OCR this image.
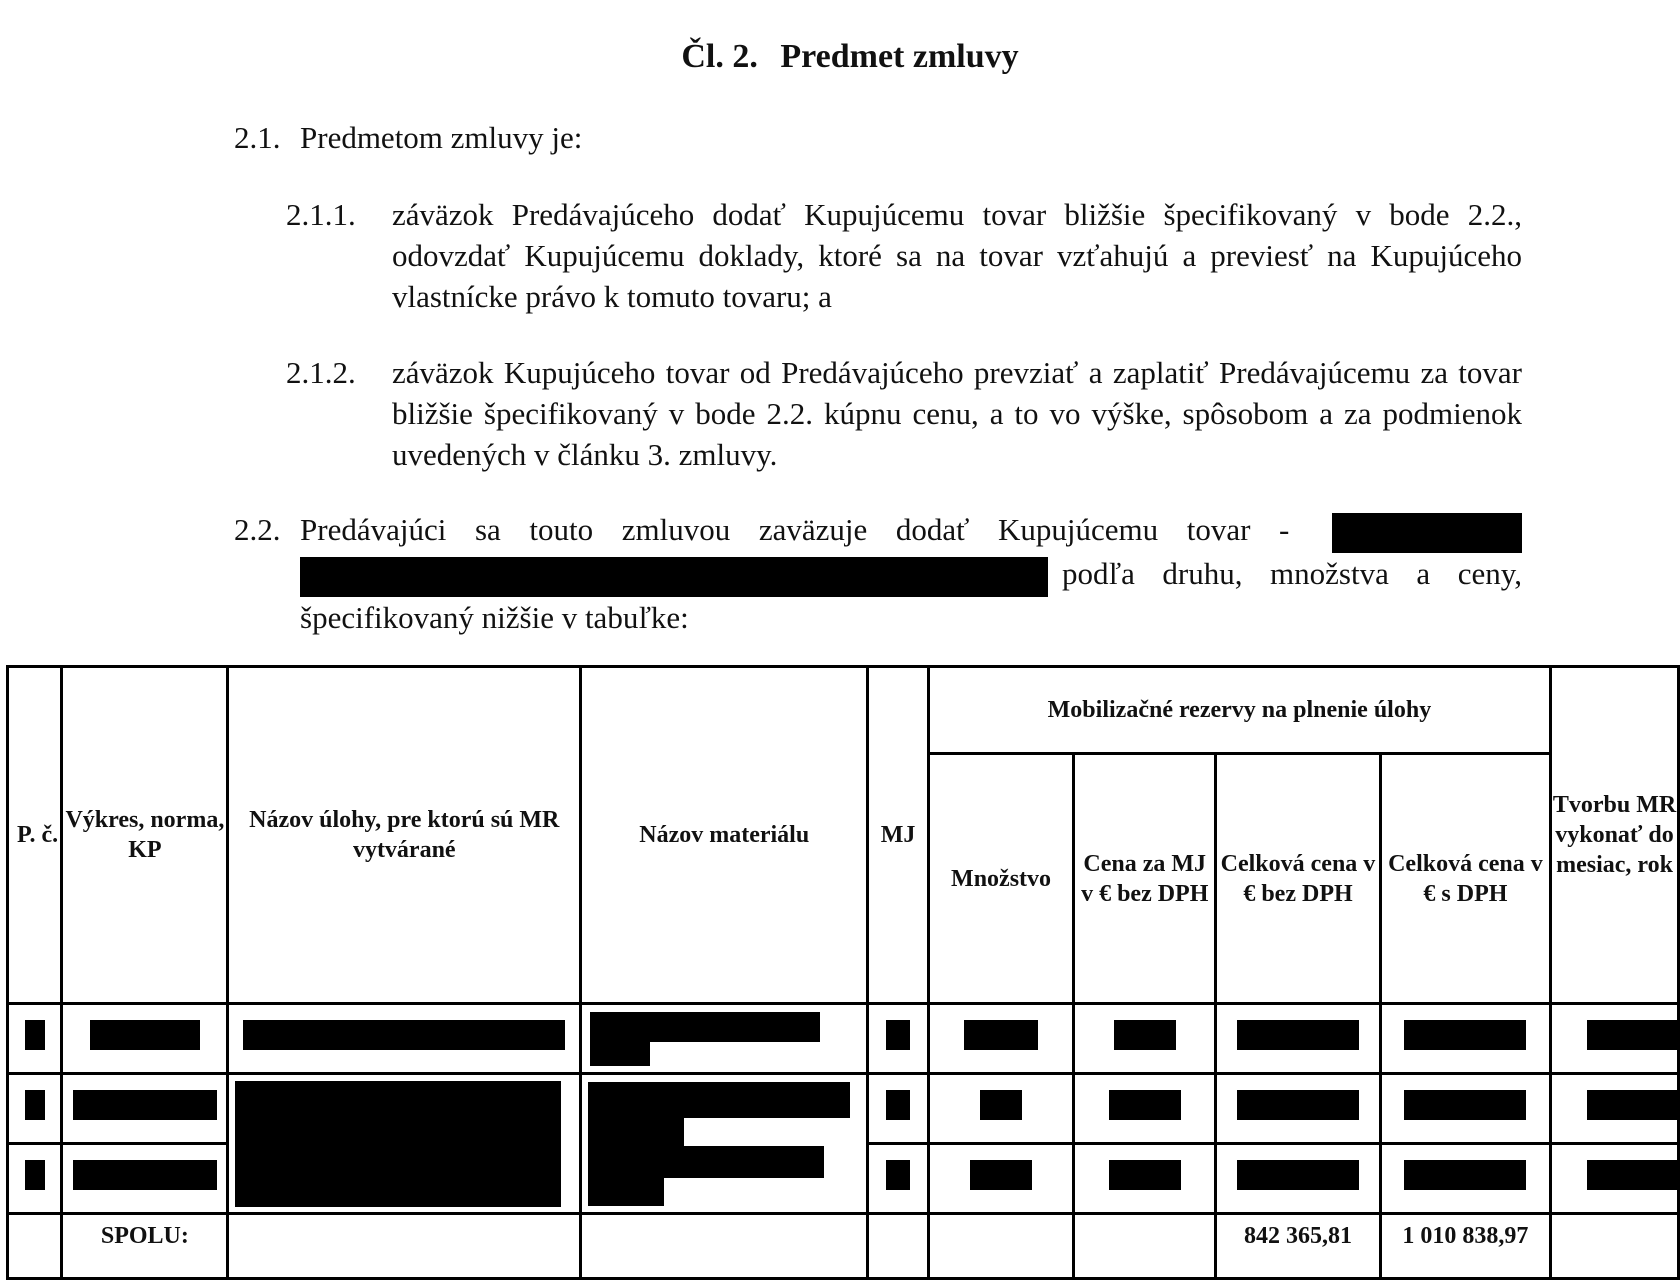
Čl. 2. Predmet zmluvy
2.1. Predmetom zmluvy je:
2.1.1. záväzok Predávajúceho dodať Kupujúcemu tovar bližšie špecifikovaný v bode 2.2., odovzdať Kupujúcemu doklady, ktoré sa na tovar vzťahujú a previesť na Kupujúceho vlastnícke právo k tomuto tovaru; a
2.1.2. záväzok Kupujúceho tovar od Predávajúceho prevziať a zaplatiť Predávajúcemu za tovar bližšie špecifikovaný v bode 2.2. kúpnu cenu, a to vo výške, spôsobom a za podmienok uvedených v článku 3. zmluvy.
2.2. Predávajúci sa touto zmluvou zaväzuje dodať Kupujúcemu tovar -  podľa druhu, množstva a ceny, špecifikovaný nižšie v tabuľke:
P. č.	Výkres, norma, KP	Názov úlohy, pre ktorú sú MR vytvárané	Názov materiálu	MJ	Mobilizačné rezervy na plnenie úlohy				Tvorbu MR vykonať do mesiac, rok
					Množstvo	Cena za MJ v € bez DPH	Celková cena v € bez DPH	Celková cena v € s DPH	

	SPOLU:						842 365,81	1 010 838,97	
